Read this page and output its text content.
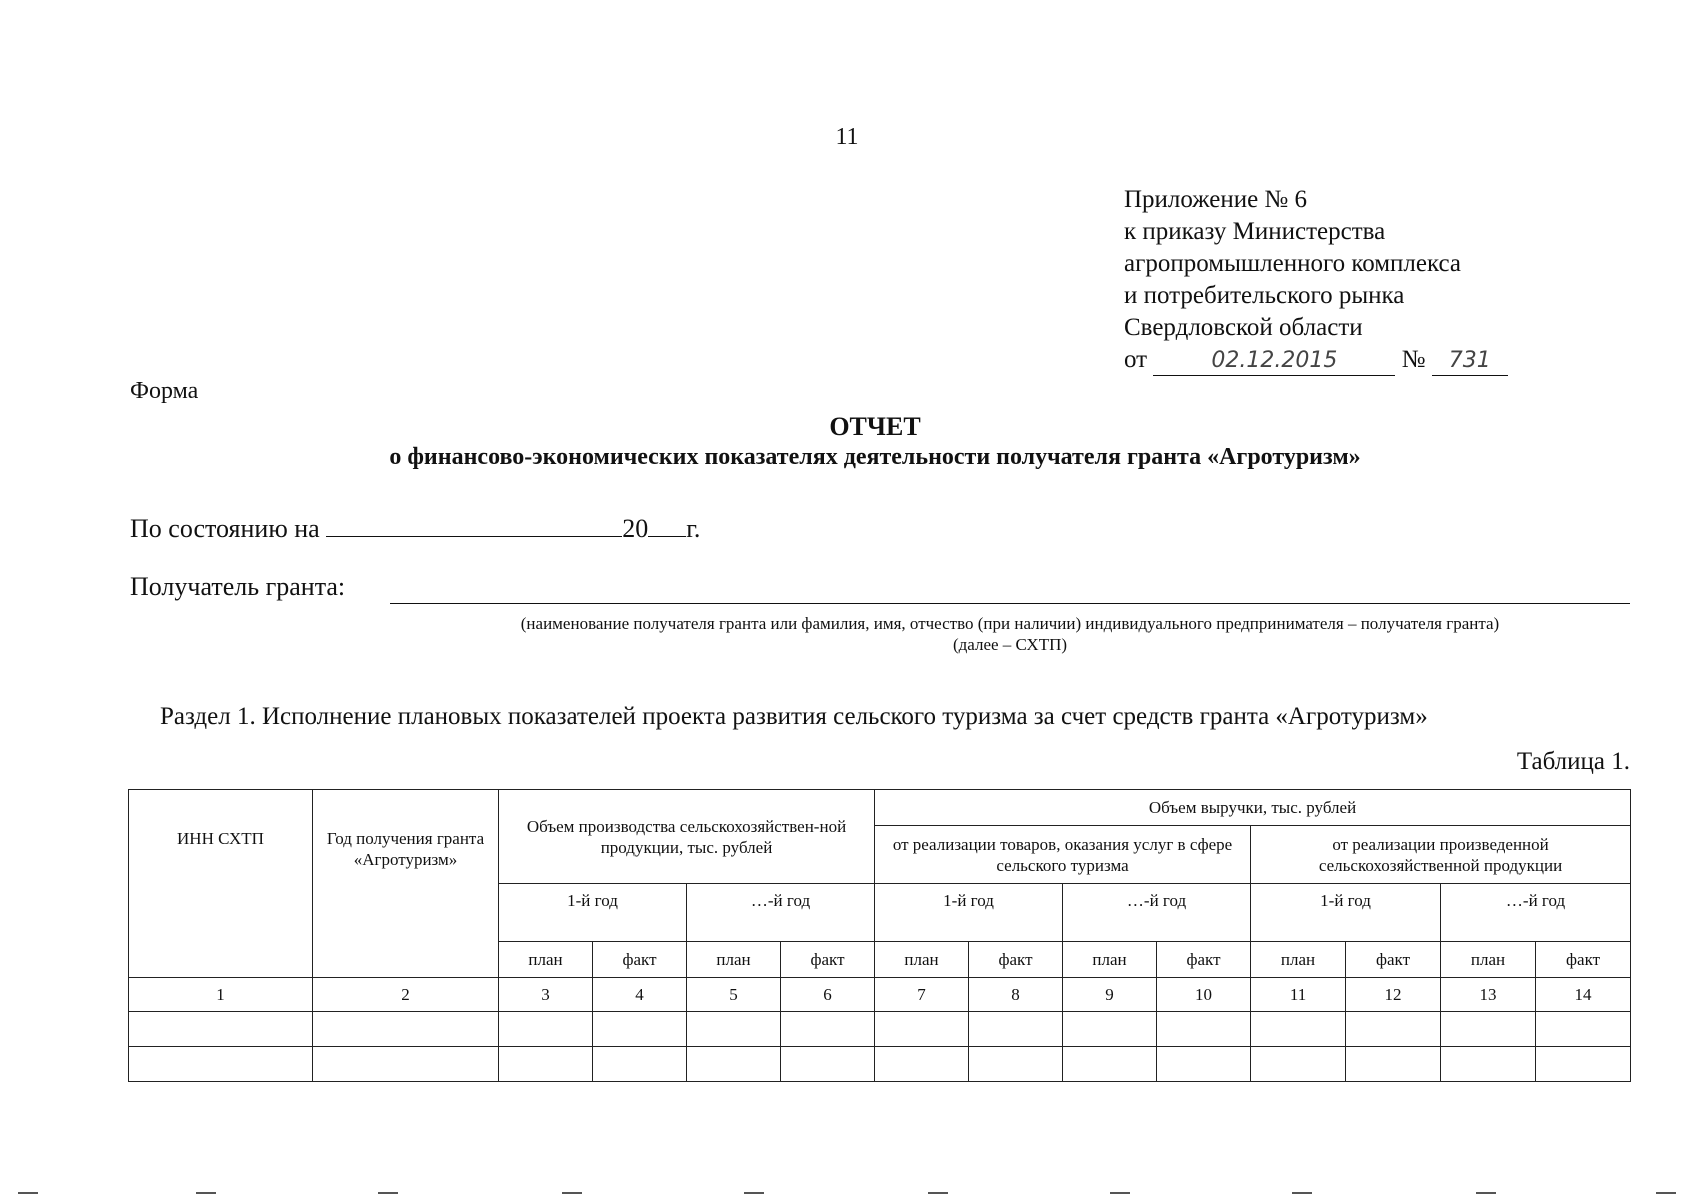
11
Приложение № 6
к приказу Министерства
агропромышленного комплекса
и потребительского рынка
Свердловской области
от	02.12.2015	№ 731
Форма
ОТЧЕТ
о финансово-экономических показателях деятельности получателя гранта «Агротуризм»
По состоянию на	20 г.
Получатель гранта:
(наименование получателя гранта или фамилия, имя, отчество (при наличии) индивидуального предпринимателя – получателя гранта)
(далее – СХТП)
Раздел 1. Исполнение плановых показателей проекта развития сельского туризма за счет средств гранта «Агротуризм»
Таблица 1.
ИНН СХТП	Год получения гранта «Агротуризм»	Объем производства сельскохозяйствен-ной продукции, тыс. рублей				Объем выручки, тыс. рублей							
						от реализации товаров, оказания услуг в сфере сельского туризма				от реализации произведенной сельскохозяйственной продукции			
		1-й год		…-й год		1-й год		…-й год		1-й год		…-й год	
		план	факт	план	факт	план	факт	план	факт	план	факт	план	факт
1	2	3	4	5	6	7	8	9	10	11	12	13	14
